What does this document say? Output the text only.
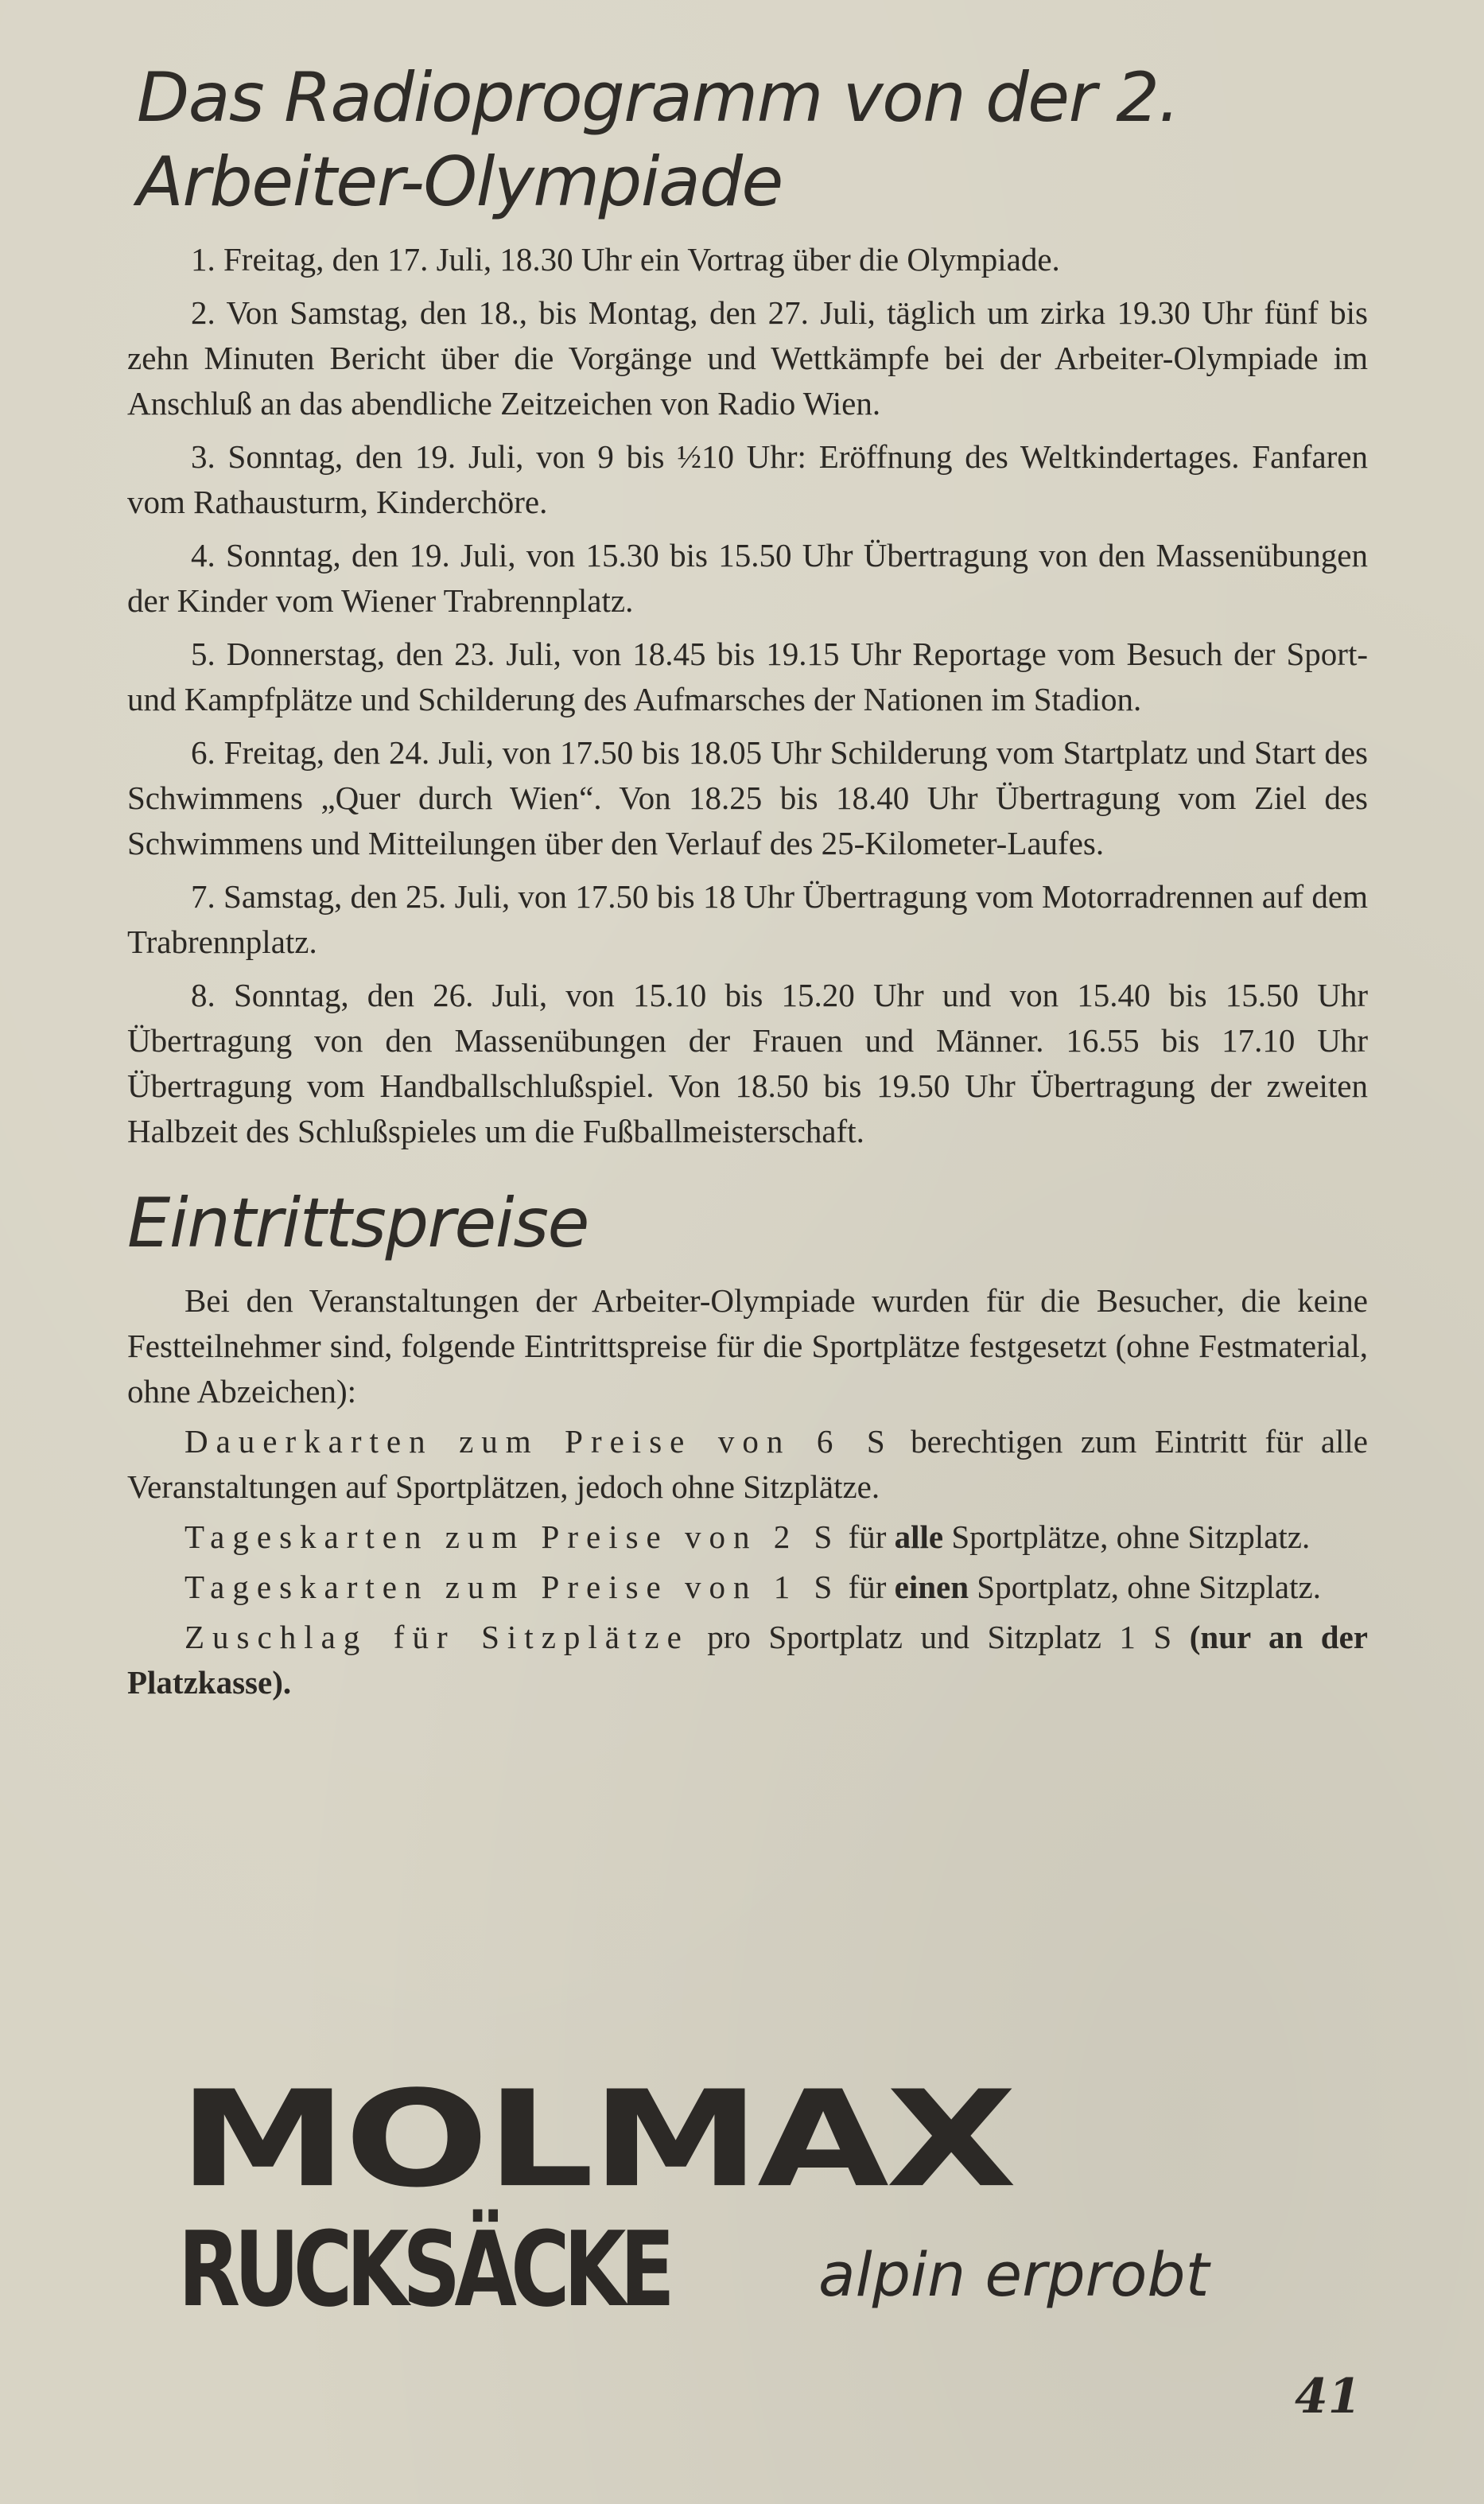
Das Radioprogramm von der 2. Arbeiter-Olympiade

1. Freitag, den 17. Juli, 18.30 Uhr ein Vortrag über die Olympiade.

2. Von Samstag, den 18., bis Montag, den 27. Juli, täglich um zirka 19.30 Uhr fünf bis zehn Minuten Bericht über die Vorgänge und Wettkämpfe bei der Arbeiter-Olympiade im Anschluß an das abendliche Zeitzeichen von Radio Wien.

3. Sonntag, den 19. Juli, von 9 bis ½10 Uhr: Eröffnung des Weltkindertages. Fanfaren vom Rathausturm, Kinderchöre.

4. Sonntag, den 19. Juli, von 15.30 bis 15.50 Uhr Übertragung von den Massenübungen der Kinder vom Wiener Trabrennplatz.

5. Donnerstag, den 23. Juli, von 18.45 bis 19.15 Uhr Reportage vom Besuch der Sport- und Kampfplätze und Schilderung des Aufmarsches der Nationen im Stadion.

6. Freitag, den 24. Juli, von 17.50 bis 18.05 Uhr Schilderung vom Startplatz und Start des Schwimmens „Quer durch Wien“. Von 18.25 bis 18.40 Uhr Übertragung vom Ziel des Schwimmens und Mitteilungen über den Verlauf des 25-Kilometer-Laufes.

7. Samstag, den 25. Juli, von 17.50 bis 18 Uhr Übertragung vom Motorradrennen auf dem Trabrennplatz.

8. Sonntag, den 26. Juli, von 15.10 bis 15.20 Uhr und von 15.40 bis 15.50 Uhr Übertragung von den Massenübungen der Frauen und Männer. 16.55 bis 17.10 Uhr Übertragung vom Handballschlußspiel. Von 18.50 bis 19.50 Uhr Übertragung der zweiten Halbzeit des Schlußspieles um die Fußballmeisterschaft.

Eintrittspreise

Bei den Veranstaltungen der Arbeiter-Olympiade wurden für die Besucher, die keine Festteilnehmer sind, folgende Eintrittspreise für die Sportplätze festgesetzt (ohne Festmaterial, ohne Abzeichen):

Dauerkarten zum Preise von 6 S berechtigen zum Eintritt für alle Veranstaltungen auf Sportplätzen, jedoch ohne Sitzplätze.

Tageskarten zum Preise von 2 S für alle Sportplätze, ohne Sitzplatz.

Tageskarten zum Preise von 1 S für einen Sportplatz, ohne Sitzplatz.

Zuschlag für Sitzplätze pro Sportplatz und Sitzplatz 1 S (nur an der Platzkasse).

MOLMAX
RUCKSÄCKE alpin erprobt
41
